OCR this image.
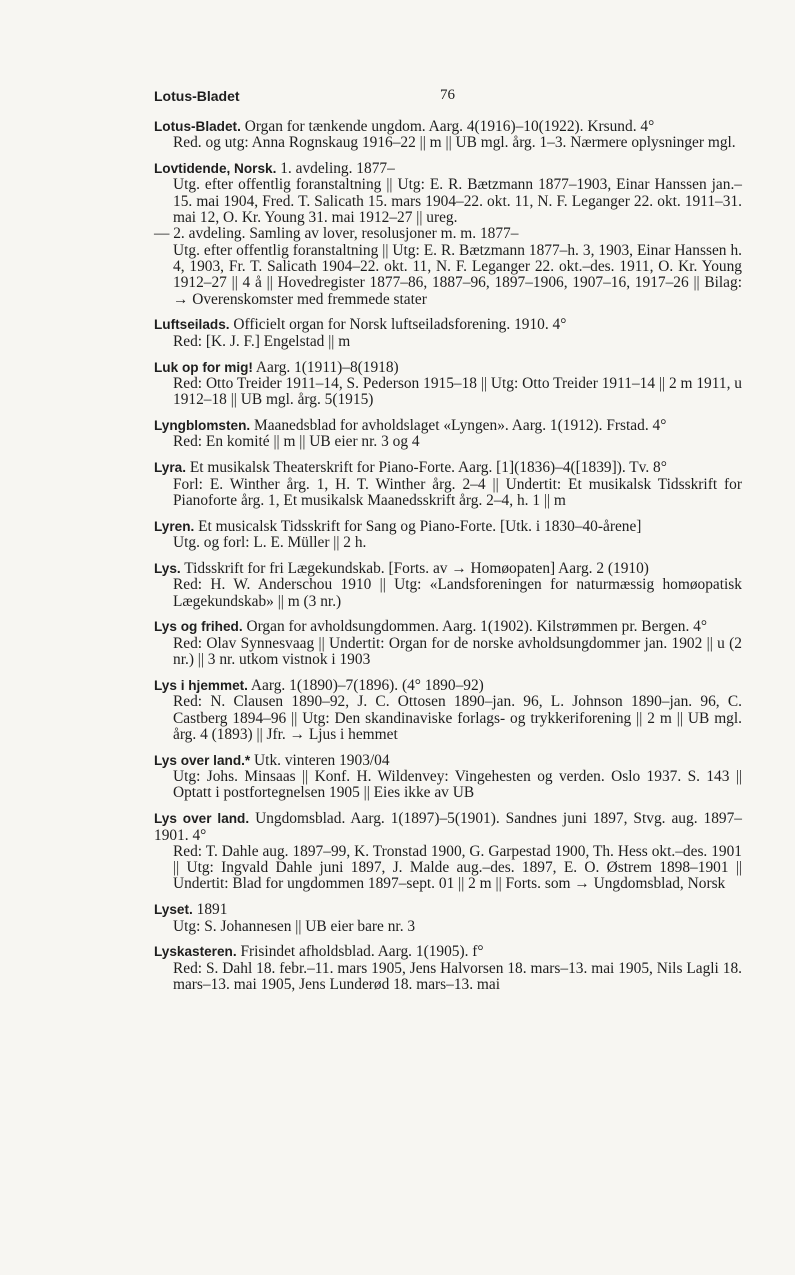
Lotus-Bladet	76
Lotus-Bladet. Organ for tænkende ungdom. Aarg. 4(1916)–10(1922). Krsund. 4°
Red. og utg: Anna Rognskaug 1916–22 || m || UB mgl. årg. 1–3. Nærmere oplysninger mgl.
Lovtidende, Norsk. 1. avdeling. 1877–
Utg. efter offentlig foranstaltning || Utg: E. R. Bætzmann 1877–1903, Einar Hanssen jan.–15. mai 1904, Fred. T. Salicath 15. mars 1904–22. okt. 11, N. F. Leganger 22. okt. 1911–31. mai 12, O. Kr. Young 31. mai 1912–27 || ureg.
— 2. avdeling. Samling av lover, resolusjoner m. m. 1877–
Utg. efter offentlig foranstaltning || Utg: E. R. Bætzmann 1877–h. 3, 1903, Einar Hanssen h. 4, 1903, Fr. T. Salicath 1904–22. okt. 11, N. F. Leganger 22. okt.–des. 1911, O. Kr. Young 1912–27 || 4 å || Hovedregister 1877–86, 1887–96, 1897–1906, 1907–16, 1917–26 || Bilag: → Overenskomster med fremmede stater
Luftseilads. Officielt organ for Norsk luftseiladsforening. 1910. 4°
Red: [K. J. F.] Engelstad || m
Luk op for mig! Aarg. 1(1911)–8(1918)
Red: Otto Treider 1911–14, S. Pederson 1915–18 || Utg: Otto Treider 1911–14 || 2 m 1911, u 1912–18 || UB mgl. årg. 5(1915)
Lyngblomsten. Maanedsblad for avholdslaget «Lyngen». Aarg. 1(1912). Frstad. 4°
Red: En komité || m || UB eier nr. 3 og 4
Lyra. Et musikalsk Theaterskrift for Piano-Forte. Aarg. [1](1836)–4([1839]). Tv. 8°
Forl: E. Winther årg. 1, H. T. Winther årg. 2–4 || Undertit: Et musikalsk Tidsskrift for Pianoforte årg. 1, Et musikalsk Maanedsskrift årg. 2–4, h. 1 || m
Lyren. Et musicalsk Tidsskrift for Sang og Piano-Forte. [Utk. i 1830–40-årene]
Utg. og forl: L. E. Müller || 2 h.
Lys. Tidsskrift for fri Lægekundskab. [Forts. av → Homøopaten] Aarg. 2 (1910)
Red: H. W. Anderschou 1910 || Utg: «Landsforeningen for naturmæssig homøopatisk Lægekundskab» || m (3 nr.)
Lys og frihed. Organ for avholdsungdommen. Aarg. 1(1902). Kilstrømmen pr. Bergen. 4°
Red: Olav Synnesvaag || Undertit: Organ for de norske avholdsungdommer jan. 1902 || u (2 nr.) || 3 nr. utkom vistnok i 1903
Lys i hjemmet. Aarg. 1(1890)–7(1896). (4° 1890–92)
Red: N. Clausen 1890–92, J. C. Ottosen 1890–jan. 96, L. Johnson 1890–jan. 96, C. Castberg 1894–96 || Utg: Den skandinaviske forlags- og trykkeriforening || 2 m || UB mgl. årg. 4 (1893) || Jfr. → Ljus i hemmet
Lys over land.* Utk. vinteren 1903/04
Utg: Johs. Minsaas || Konf. H. Wildenvey: Vingehesten og verden. Oslo 1937. S. 143 || Optatt i postfortegnelsen 1905 || Eies ikke av UB
Lys over land. Ungdomsblad. Aarg. 1(1897)–5(1901). Sandnes juni 1897, Stvg. aug. 1897–1901. 4°
Red: T. Dahle aug. 1897–99, K. Tronstad 1900, G. Garpestad 1900, Th. Hess okt.–des. 1901 || Utg: Ingvald Dahle juni 1897, J. Malde aug.–des. 1897, E. O. Østrem 1898–1901 || Undertit: Blad for ungdommen 1897–sept. 01 || 2 m || Forts. som → Ungdomsblad, Norsk
Lyset. 1891
Utg: S. Johannesen || UB eier bare nr. 3
Lyskasteren. Frisindet afholdsblad. Aarg. 1(1905). f°
Red: S. Dahl 18. febr.–11. mars 1905, Jens Halvorsen 18. mars–13. mai 1905, Nils Lagli 18. mars–13. mai 1905, Jens Lunderød 18. mars–13. mai
